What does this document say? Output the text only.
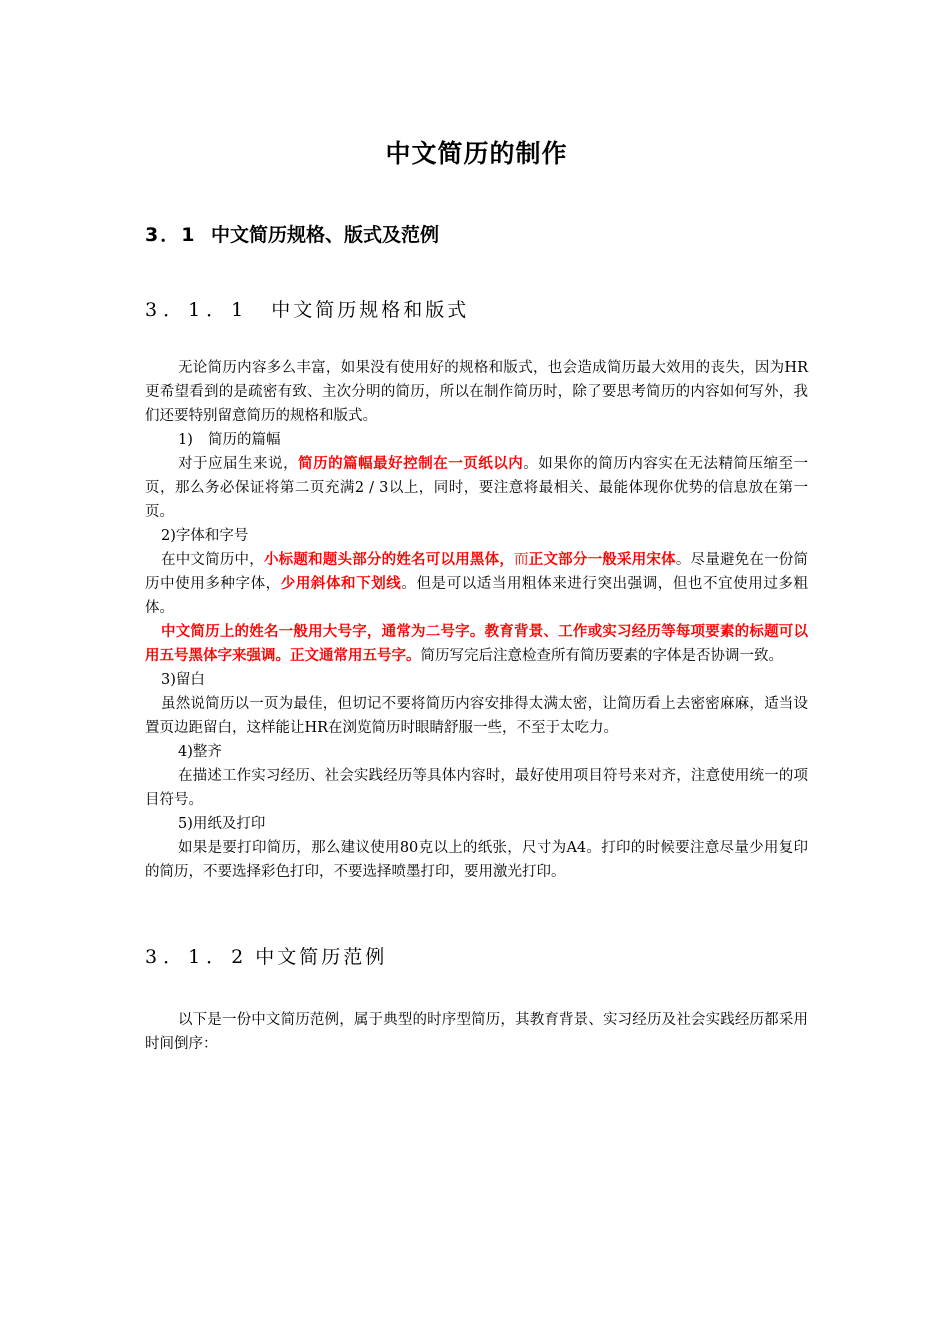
中文简历的制作
3．1 中文简历规格、版式及范例
3．1．1 中文简历规格和版式

无论简历内容多么丰富，如果没有使用好的规格和版式，也会造成简历最大效用的丧失，因为HR更希望看到的是疏密有致、主次分明的简历，所以在制作简历时，除了要思考简历的内容如何写外，我们还要特别留意简历的规格和版式。

1) 简历的篇幅

对于应届生来说，简历的篇幅最好控制在一页纸以内。如果你的简历内容实在无法精简压缩至一页，那么务必保证将第二页充满2 / 3以上，同时，要注意将最相关、最能体现你优势的信息放在第一页。

2)字体和字号

在中文简历中，小标题和题头部分的姓名可以用黑体，而正文部分一般采用宋体。尽量避免在一份简历中使用多种字体，少用斜体和下划线。但是可以适当用粗体来进行突出强调，但也不宜使用过多粗体。

中文简历上的姓名一般用大号字，通常为二号字。教育背景、工作或实习经历等每项要素的标题可以用五号黑体字来强调。正文通常用五号字。简历写完后注意检查所有简历要素的字体是否协调一致。

3)留白

虽然说简历以一页为最佳，但切记不要将简历内容安排得太满太密，让简历看上去密密麻麻，适当设置页边距留白，这样能让HR在浏览简历时眼睛舒服一些，不至于太吃力。

4)整齐

在描述工作实习经历、社会实践经历等具体内容时，最好使用项目符号来对齐，注意使用统一的项目符号。

5)用纸及打印

如果是要打印简历，那么建议使用80克以上的纸张，尺寸为A4。打印的时候要注意尽量少用复印的简历，不要选择彩色打印，不要选择喷墨打印，要用激光打印。

3．1．2 中文简历范例

以下是一份中文简历范例，属于典型的时序型简历，其教育背景、实习经历及社会实践经历都采用时间倒序：
